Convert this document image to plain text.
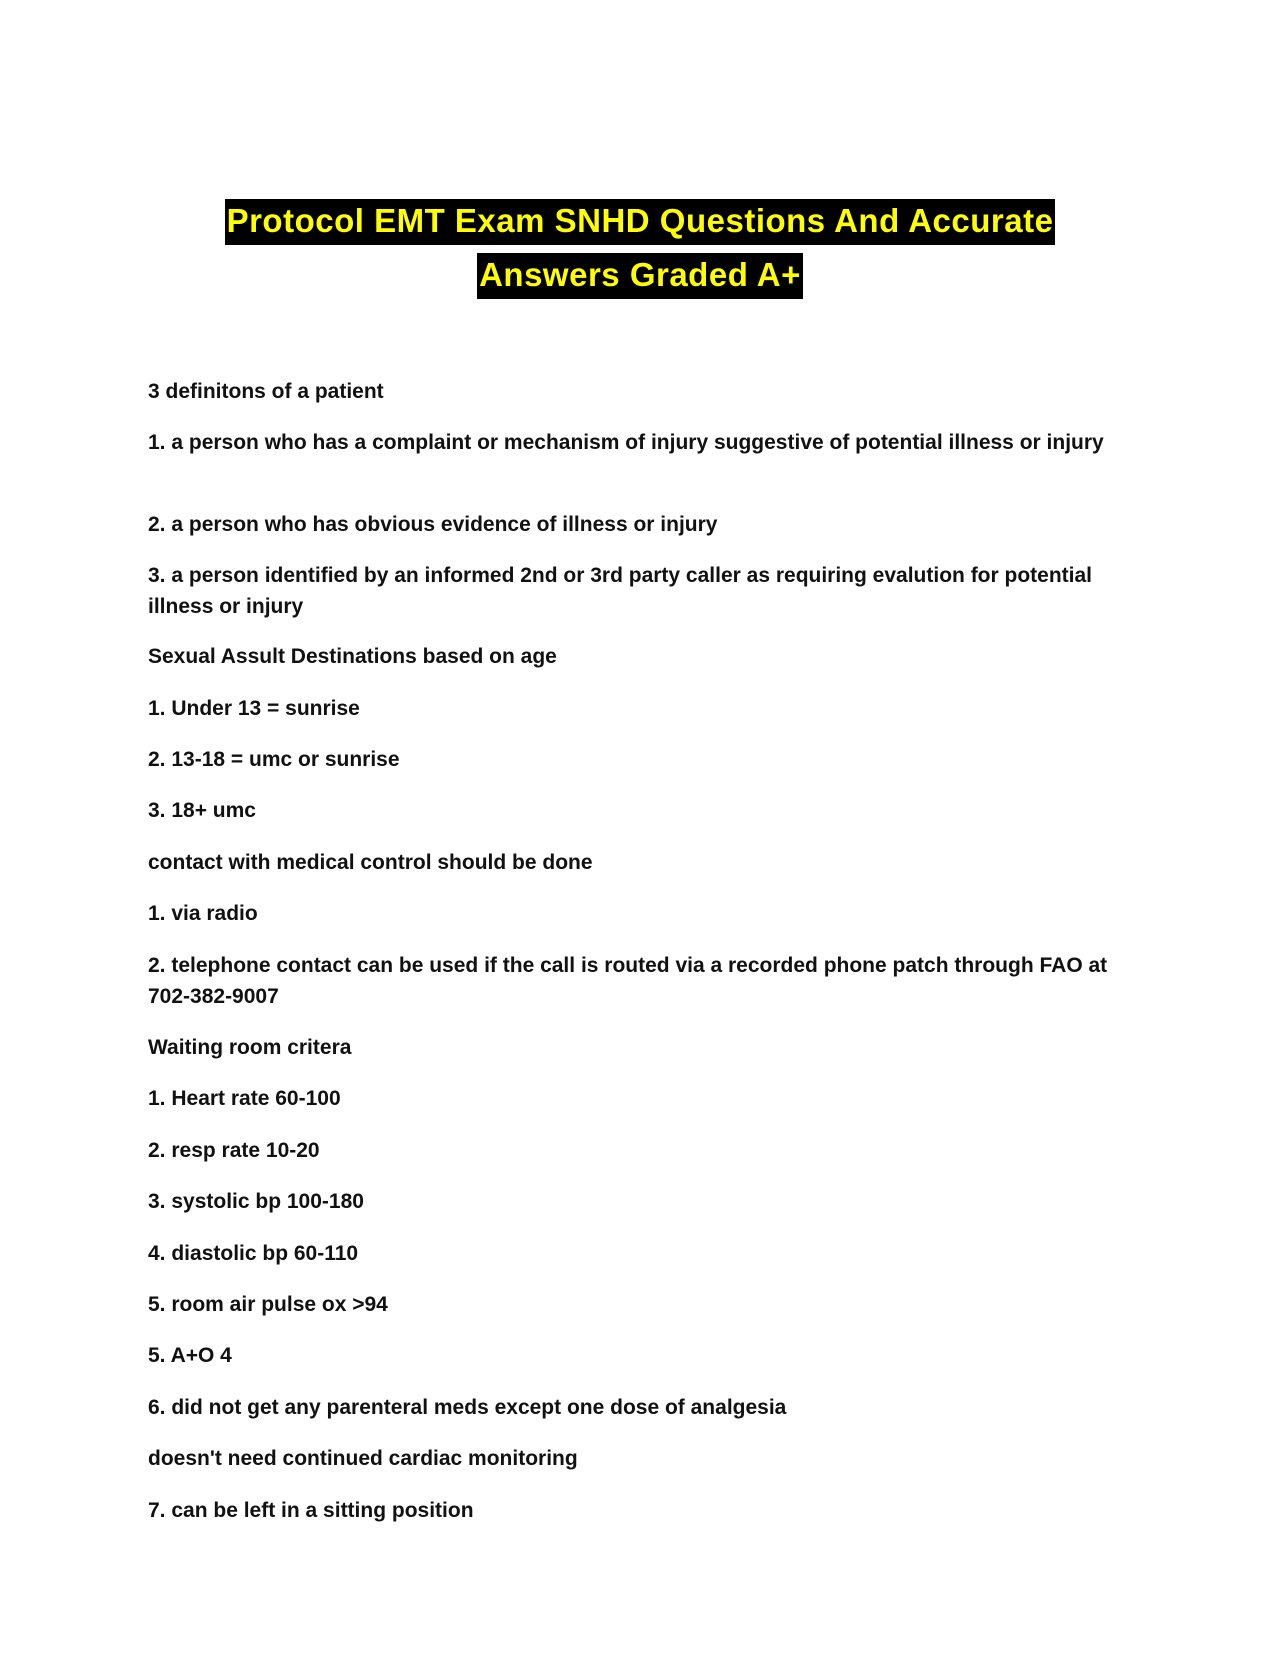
Protocol EMT Exam SNHD Questions And Accurate
Answers Graded A+

3 definitons of a patient

1. a person who has a complaint or mechanism of injury suggestive of potential illness or injury

2. a person who has obvious evidence of illness or injury

3. a person identified by an informed 2nd or 3rd party caller as requiring evalution for potential illness or injury

Sexual Assult Destinations based on age

1. Under 13 = sunrise

2. 13-18 = umc or sunrise

3. 18+ umc

contact with medical control should be done

1. via radio

2. telephone contact can be used if the call is routed via a recorded phone patch through FAO at 702-382-9007

Waiting room critera

1. Heart rate 60-100

2. resp rate 10-20

3. systolic bp 100-180

4. diastolic bp 60-110

5. room air pulse ox >94

5. A+O 4

6. did not get any parenteral meds except one dose of analgesia

doesn't need continued cardiac monitoring

7. can be left in a sitting position
